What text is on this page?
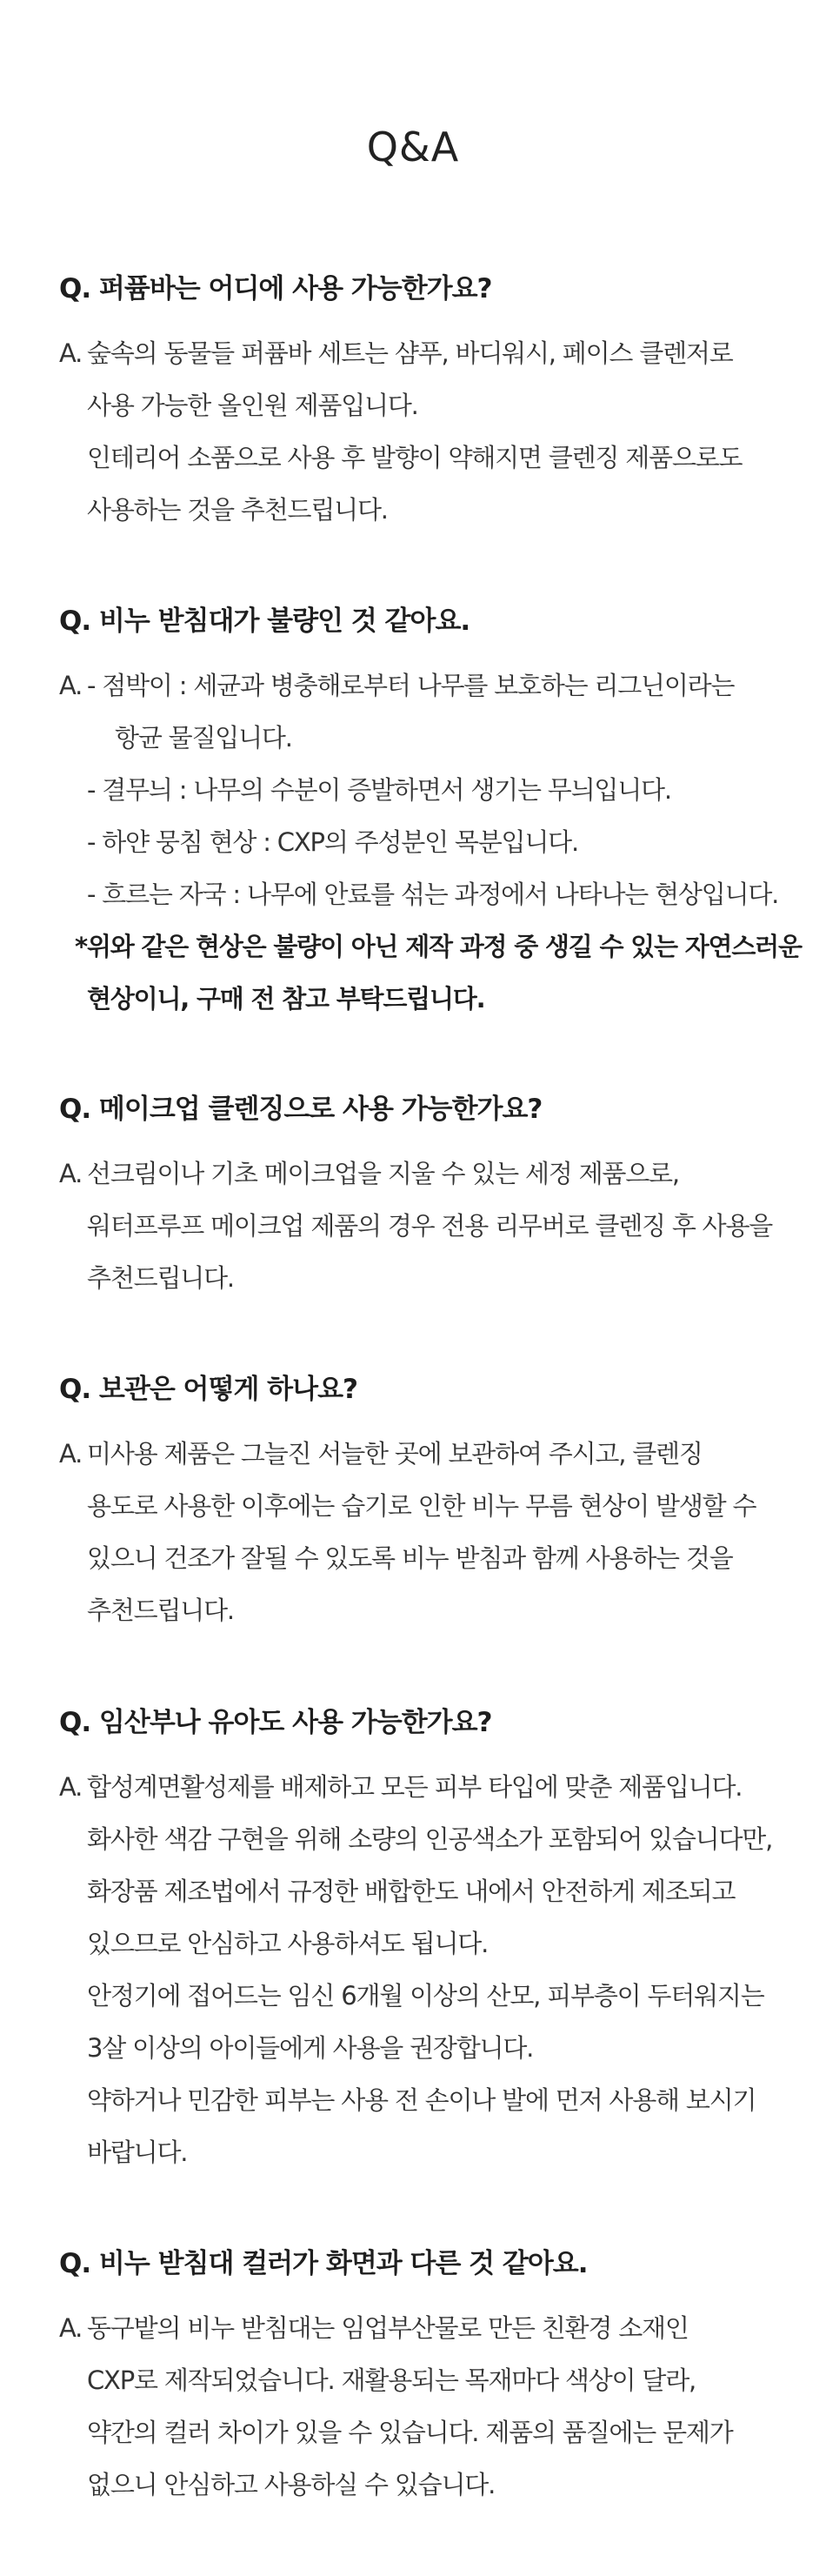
Q&A

Q. 퍼퓸바는 어디에 사용 가능한가요?

A. 숲속의 동물들 퍼퓸바 세트는 샴푸, 바디워시, 페이스 클렌저로
사용 가능한 올인원 제품입니다.
인테리어 소품으로 사용 후 발향이 약해지면 클렌징 제품으로도
사용하는 것을 추천드립니다.

Q. 비누 받침대가 불량인 것 같아요.

A. - 점박이 : 세균과 병충해로부터 나무를 보호하는 리그닌이라는
항균 물질입니다.
- 결무늬 : 나무의 수분이 증발하면서 생기는 무늬입니다.
- 하얀 뭉침 현상 : CXP의 주성분인 목분입니다.
- 흐르는 자국 : 나무에 안료를 섞는 과정에서 나타나는 현상입니다.
*위와 같은 현상은 불량이 아닌 제작 과정 중 생길 수 있는 자연스러운
현상이니, 구매 전 참고 부탁드립니다.

Q. 메이크업 클렌징으로 사용 가능한가요?

A. 선크림이나 기초 메이크업을 지울 수 있는 세정 제품으로,
워터프루프 메이크업 제품의 경우 전용 리무버로 클렌징 후 사용을
추천드립니다.

Q. 보관은 어떻게 하나요?

A. 미사용 제품은 그늘진 서늘한 곳에 보관하여 주시고, 클렌징
용도로 사용한 이후에는 습기로 인한 비누 무름 현상이 발생할 수
있으니 건조가 잘될 수 있도록 비누 받침과 함께 사용하는 것을
추천드립니다.

Q. 임산부나 유아도 사용 가능한가요?

A. 합성계면활성제를 배제하고 모든 피부 타입에 맞춘 제품입니다.
화사한 색감 구현을 위해 소량의 인공색소가 포함되어 있습니다만,
화장품 제조법에서 규정한 배합한도 내에서 안전하게 제조되고
있으므로 안심하고 사용하셔도 됩니다.
안정기에 접어드는 임신 6개월 이상의 산모, 피부층이 두터워지는
3살 이상의 아이들에게 사용을 권장합니다.
약하거나 민감한 피부는 사용 전 손이나 발에 먼저 사용해 보시기
바랍니다.

Q. 비누 받침대 컬러가 화면과 다른 것 같아요.

A. 동구밭의 비누 받침대는 임업부산물로 만든 친환경 소재인
CXP로 제작되었습니다. 재활용되는 목재마다 색상이 달라,
약간의 컬러 차이가 있을 수 있습니다. 제품의 품질에는 문제가
없으니 안심하고 사용하실 수 있습니다.
